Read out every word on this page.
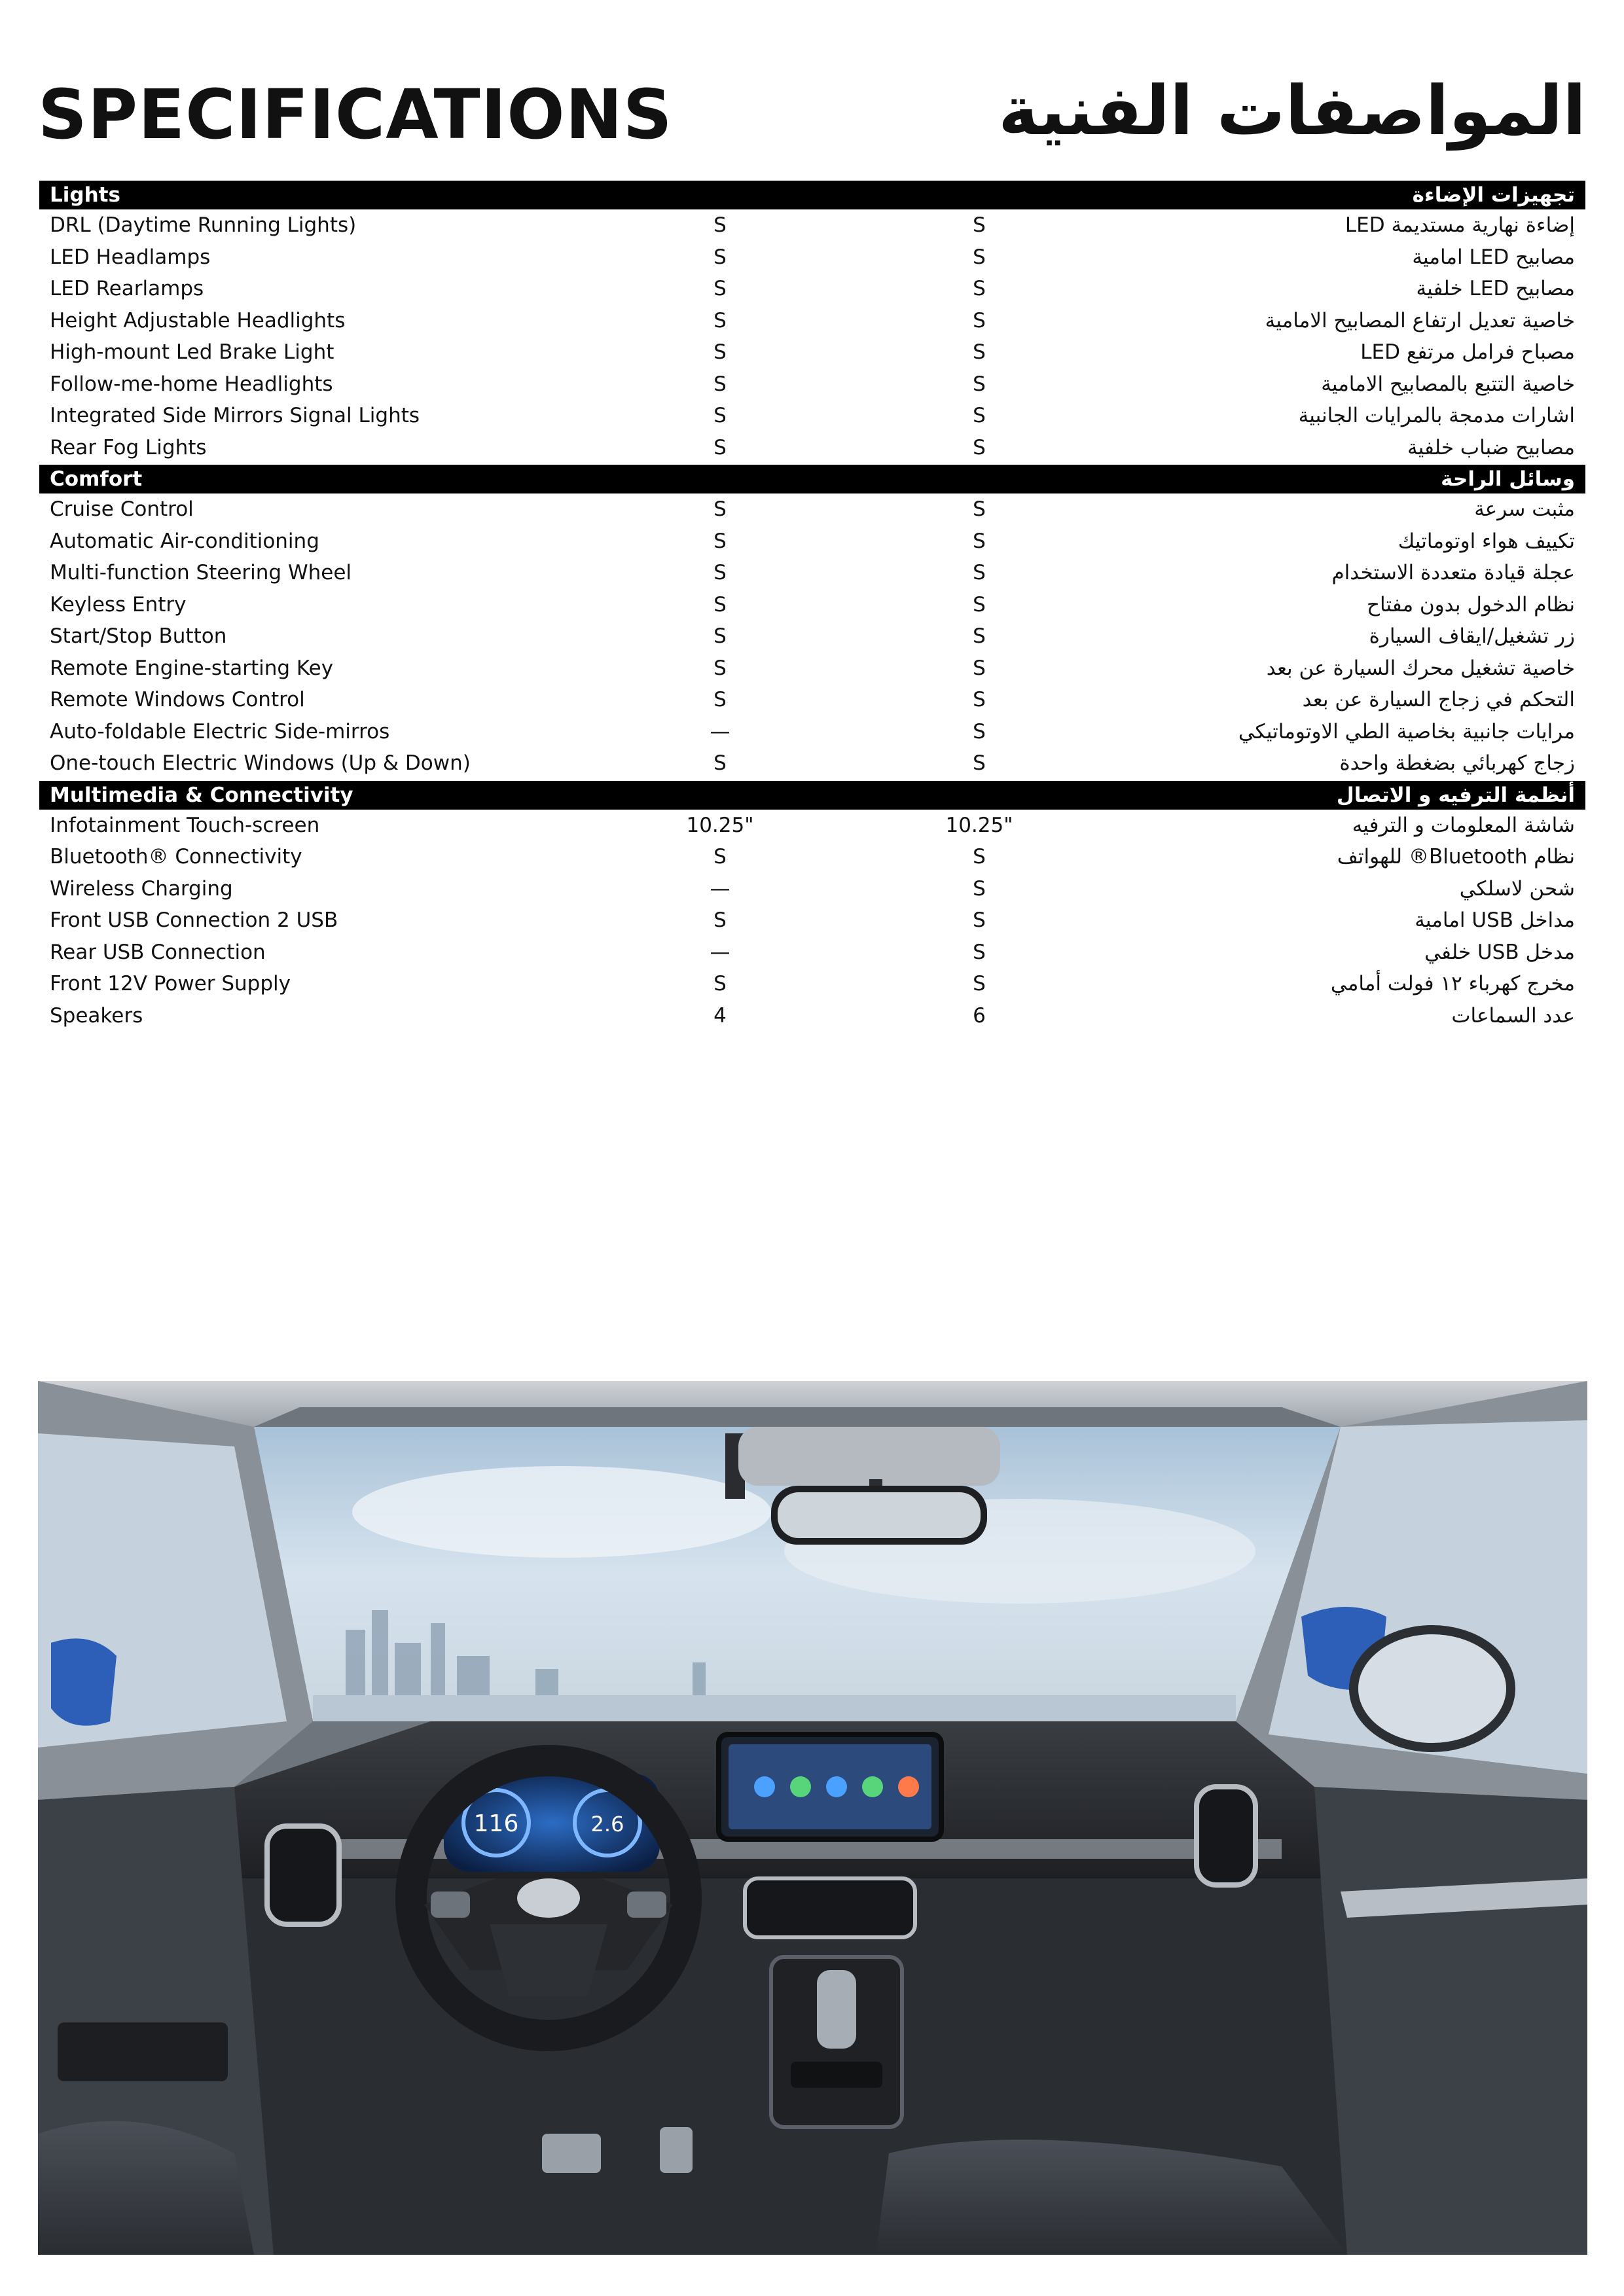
SPECIFICATIONS	المواصفات الفنية
Lights	تجهيزات الإضاءة
DRL (Daytime Running Lights)	S	S	إضاءة نهارية مستديمة LED
LED Headlamps	S	S	مصابيح LED امامية
LED Rearlamps	S	S	مصابيح LED خلفية
Height Adjustable Headlights	S	S	خاصية تعديل ارتفاع المصابيح الامامية
High-mount Led Brake Light	S	S	مصباح فرامل مرتفع LED
Follow-me-home Headlights	S	S	خاصية التتبع بالمصابيح الامامية
Integrated Side Mirrors Signal Lights	S	S	اشارات مدمجة بالمرايات الجانبية
Rear Fog Lights	S	S	مصابيح ضباب خلفية
Comfort	وسائل الراحة
Cruise Control	S	S	مثبت سرعة
Automatic Air-conditioning	S	S	تكييف هواء اوتوماتيك
Multi-function Steering Wheel	S	S	عجلة قيادة متعددة الاستخدام
Keyless Entry	S	S	نظام الدخول بدون مفتاح
Start/Stop Button	S	S	زر تشغيل/ايقاف السيارة
Remote Engine-starting Key	S	S	خاصية تشغيل محرك السيارة عن بعد
Remote Windows Control	S	S	التحكم في زجاج السيارة عن بعد
Auto-foldable Electric Side-mirros	—	S	مرايات جانبية بخاصية الطي الاوتوماتيكي
One-touch Electric Windows (Up & Down)	S	S	زجاج كهربائي بضغطة واحدة
Multimedia & Connectivity	أنظمة الترفيه و الاتصال
Infotainment Touch-screen	10.25"	10.25"	شاشة المعلومات و الترفيه
Bluetooth® Connectivity	S	S	نظام Bluetooth® للهواتف
Wireless Charging	—	S	شحن لاسلكي
Front USB Connection 2 USB	S	S	مداخل USB امامية
Rear USB Connection	—	S	مدخل USB خلفي
Front 12V Power Supply	S	S	مخرج كهرباء ١٢ فولت أمامي
Speakers	4	6	عدد السماعات
116	2.6
